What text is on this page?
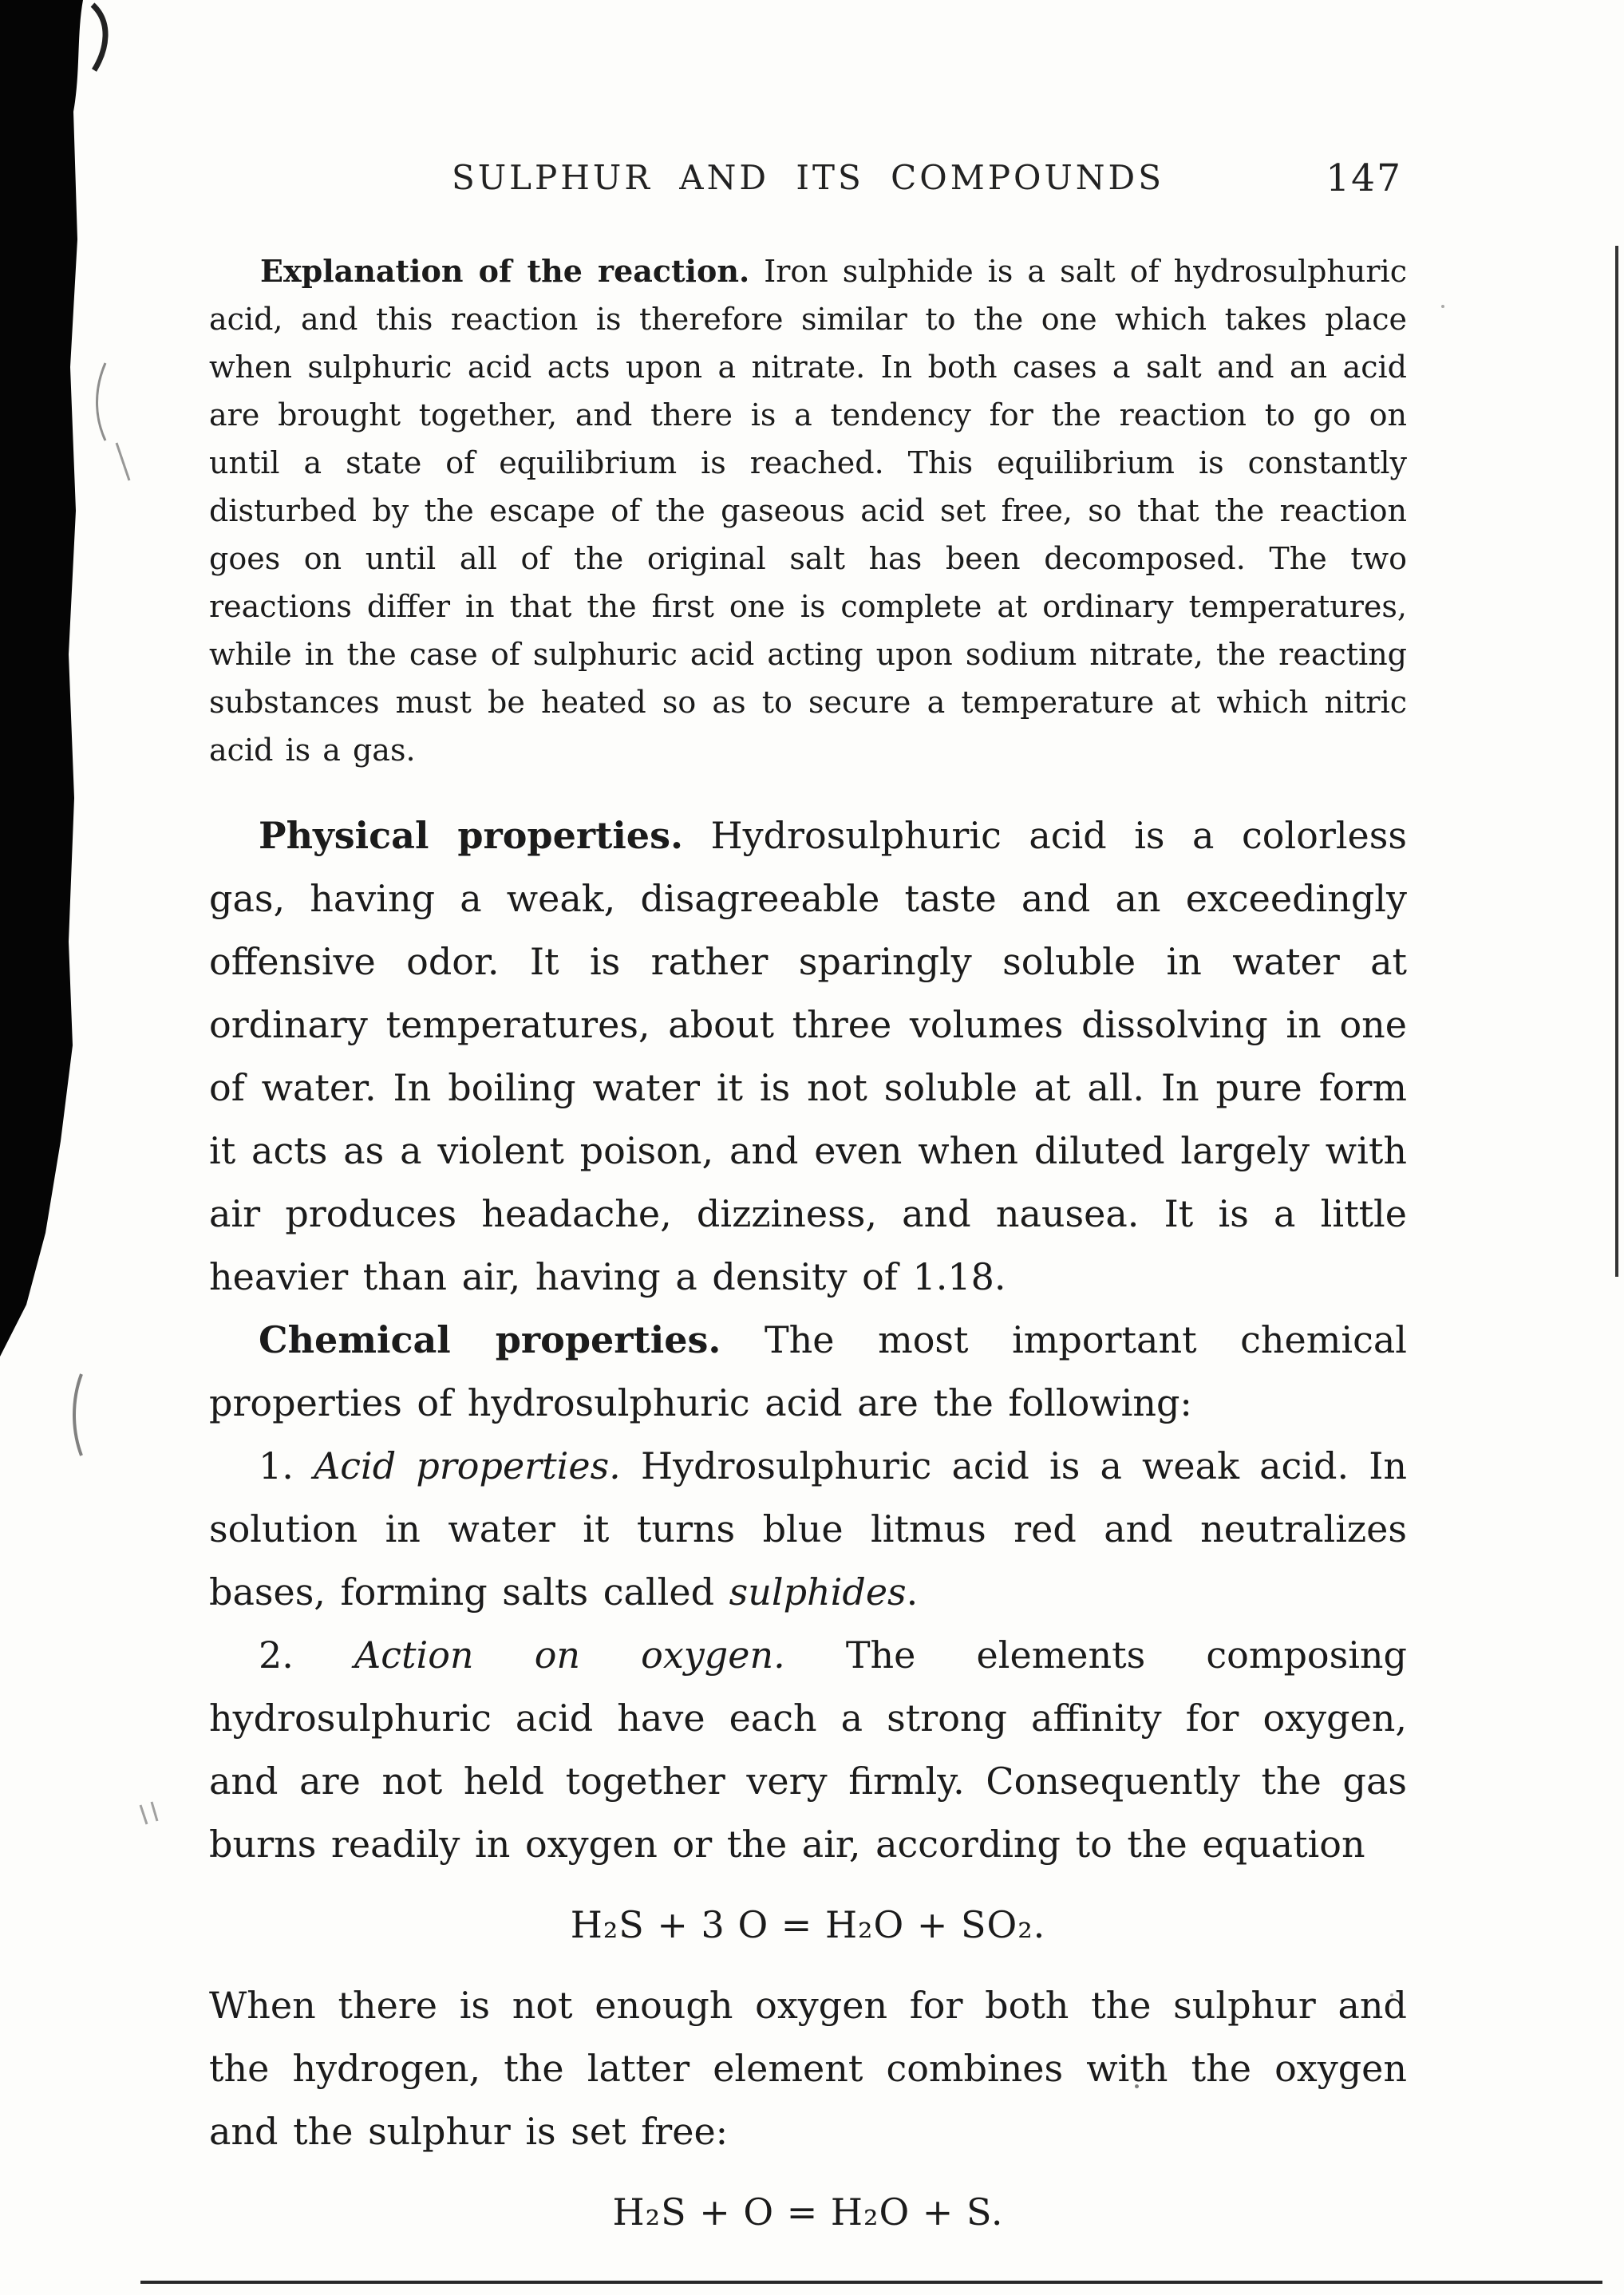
SULPHUR AND ITS COMPOUNDS	147

Explanation of the reaction. Iron sulphide is a salt of hydrosulphuric acid, and this reaction is therefore similar to the one which takes place when sulphuric acid acts upon a nitrate. In both cases a salt and an acid are brought together, and there is a tendency for the reaction to go on until a state of equilibrium is reached. This equilibrium is constantly disturbed by the escape of the gaseous acid set free, so that the reaction goes on until all of the original salt has been decomposed. The two reactions differ in that the first one is complete at ordinary temperatures, while in the case of sulphuric acid acting upon sodium nitrate, the reacting substances must be heated so as to secure a temperature at which nitric acid is a gas.

Physical properties. Hydrosulphuric acid is a colorless gas, having a weak, disagreeable taste and an exceedingly offensive odor. It is rather sparingly soluble in water at ordinary temperatures, about three volumes dissolving in one of water. In boiling water it is not soluble at all. In pure form it acts as a violent poison, and even when diluted largely with air produces headache, dizziness, and nausea. It is a little heavier than air, having a density of 1.18.

Chemical properties. The most important chemical properties of hydrosulphuric acid are the following:

1. Acid properties. Hydrosulphuric acid is a weak acid. In solution in water it turns blue litmus red and neutralizes bases, forming salts called sulphides.

2. Action on oxygen. The elements composing hydrosulphuric acid have each a strong affinity for oxygen, and are not held together very firmly. Consequently the gas burns readily in oxygen or the air, according to the equation

H₂S + 3 O = H₂O + SO₂.

When there is not enough oxygen for both the sulphur and the hydrogen, the latter element combines with the oxygen and the sulphur is set free:

H₂S + O = H₂O + S.
